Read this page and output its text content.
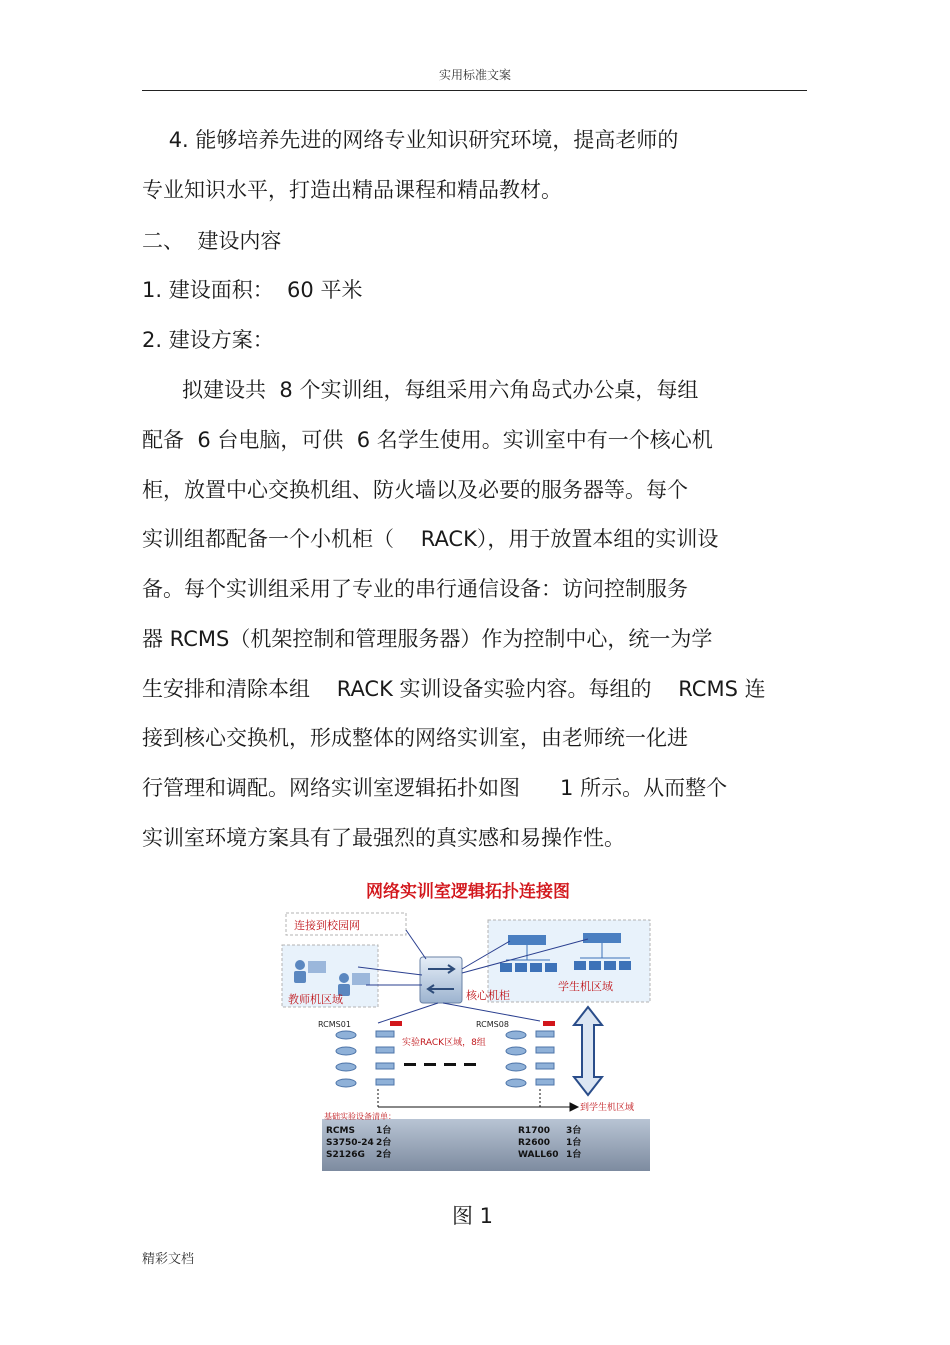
实用标准文案
4. 能够培养先进的网络专业知识研究环境，提高老师的
专业知识水平，打造出精品课程和精品教材。
二、  建设内容
1. 建设面积：  60 平米
2. 建设方案：
拟建设共  8 个实训组，每组采用六角岛式办公桌，每组
配备  6 台电脑，可供  6 名学生使用。实训室中有一个核心机
柜，放置中心交换机组、防火墙以及必要的服务器等。每个
实训组都配备一个小机柜（    RACK），用于放置本组的实训设
备。每个实训组采用了专业的串行通信设备：访问控制服务
器 RCMS（机架控制和管理服务器）作为控制中心，统一为学
生安排和清除本组    RACK 实训设备实验内容。每组的    RCMS 连
接到核心交换机，形成整体的网络实训室，由老师统一化进
行管理和调配。网络实训室逻辑拓扑如图      1 所示。从而整个
实训室环境方案具有了最强烈的真实感和易操作性。
网络实训室逻辑拓扑连接图
连接到校园网
教师机区域
学生机区域
核心机柜
RCMS01	RCMS08
实验RACK区域，8组
到学生机区域
基础实验设备清单：
RCMS 1台	R1700 3台
S3750-24 2台	R2600 1台
S2126G 2台	WALL60 1台
图 1
精彩文档
